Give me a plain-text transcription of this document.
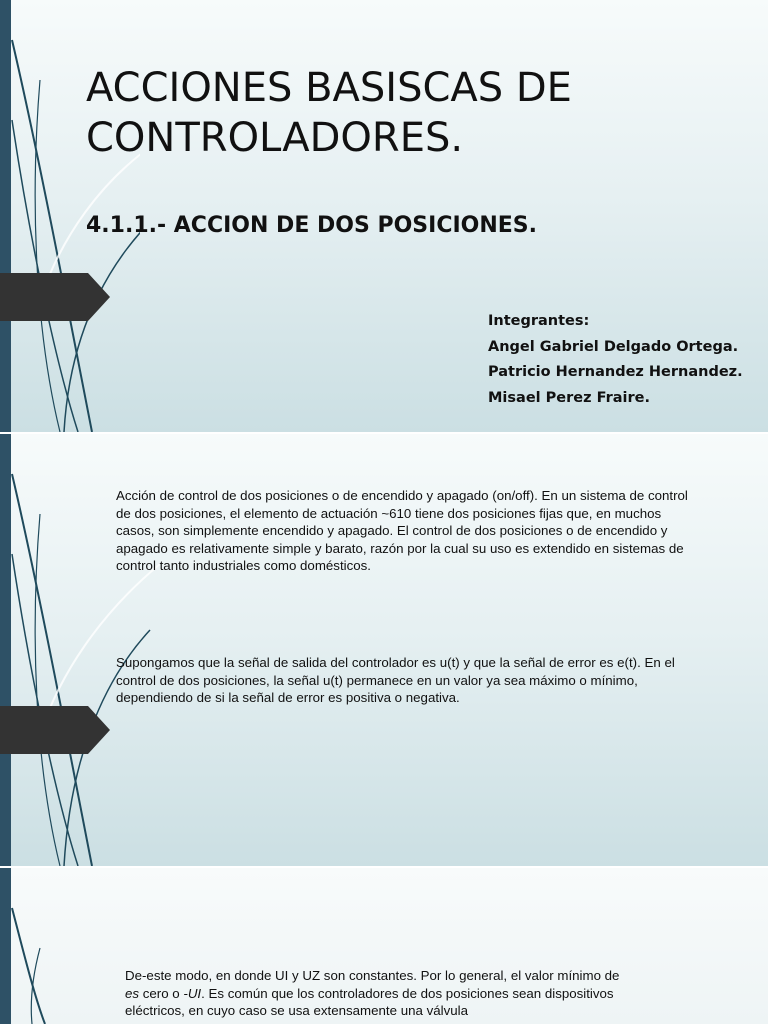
ACCIONES BASISCAS DE CONTROLADORES.
4.1.1.- ACCION DE DOS POSICIONES.
Integrantes:
Angel Gabriel Delgado Ortega.
Patricio Hernandez Hernandez.
Misael Perez Fraire.

Acción de control de dos posiciones o de encendido y apagado (on/off). En un sistema de control de dos posiciones, el elemento de actuación ~610 tiene dos posiciones fijas que, en muchos casos, son simplemente encendido y apagado. El control de dos posiciones o de encendido y apagado es relativamente simple y barato, razón por la cual su uso es extendido en sistemas de control tanto industriales como domésticos.

Supongamos que la señal de salida del controlador es u(t) y que la señal de error es e(t). En el control de dos posiciones, la señal u(t) permanece en un valor ya sea máximo o mínimo, dependiendo de si la señal de error es positiva o negativa.

De-este modo, en donde UI y UZ son constantes. Por lo general, el valor mínimo de es cero o -UI. Es común que los controladores de dos posiciones sean dispositivos eléctricos, en cuyo caso se usa extensamente una válvula
